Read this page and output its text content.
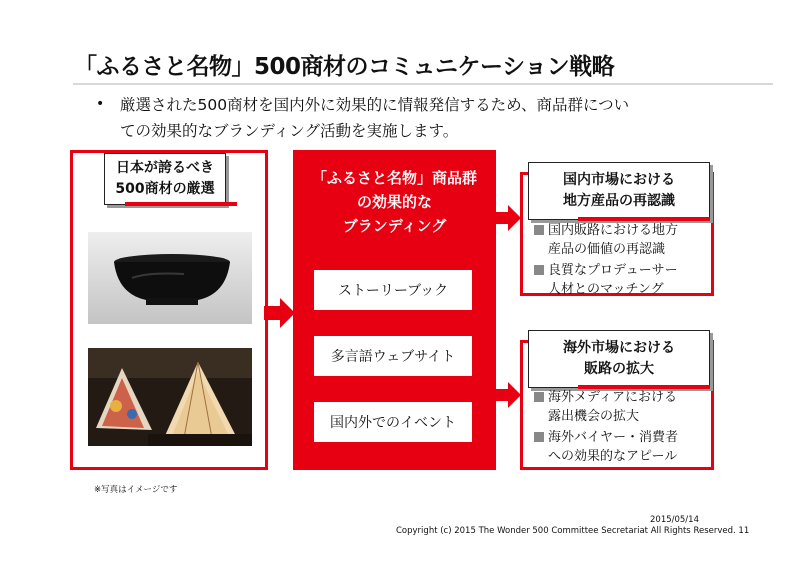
「ふるさと名物」500商材のコミュニケーション戦略
• 厳選された500商材を国内外に効果的に情報発信するため、商品群につい
ての効果的なブランディング活動を実施します。
日本が誇るべき
500商材の厳選
※写真はイメージです
「ふるさと名物」商品群
の効果的な
ブランディング
ストーリーブック
多言語ウェブサイト
国内外でのイベント
国内市場における
地方産品の再認識
国内販路における地方
産品の価値の再認識
良質なプロデューサー
人材とのマッチング
海外市場における
販路の拡大
海外メディアにおける
露出機会の拡大
海外バイヤー・消費者
への効果的なアピール
2015/05/14
Copyright (c) 2015 The Wonder 500 Committee Secretariat All Rights Reserved. 11
